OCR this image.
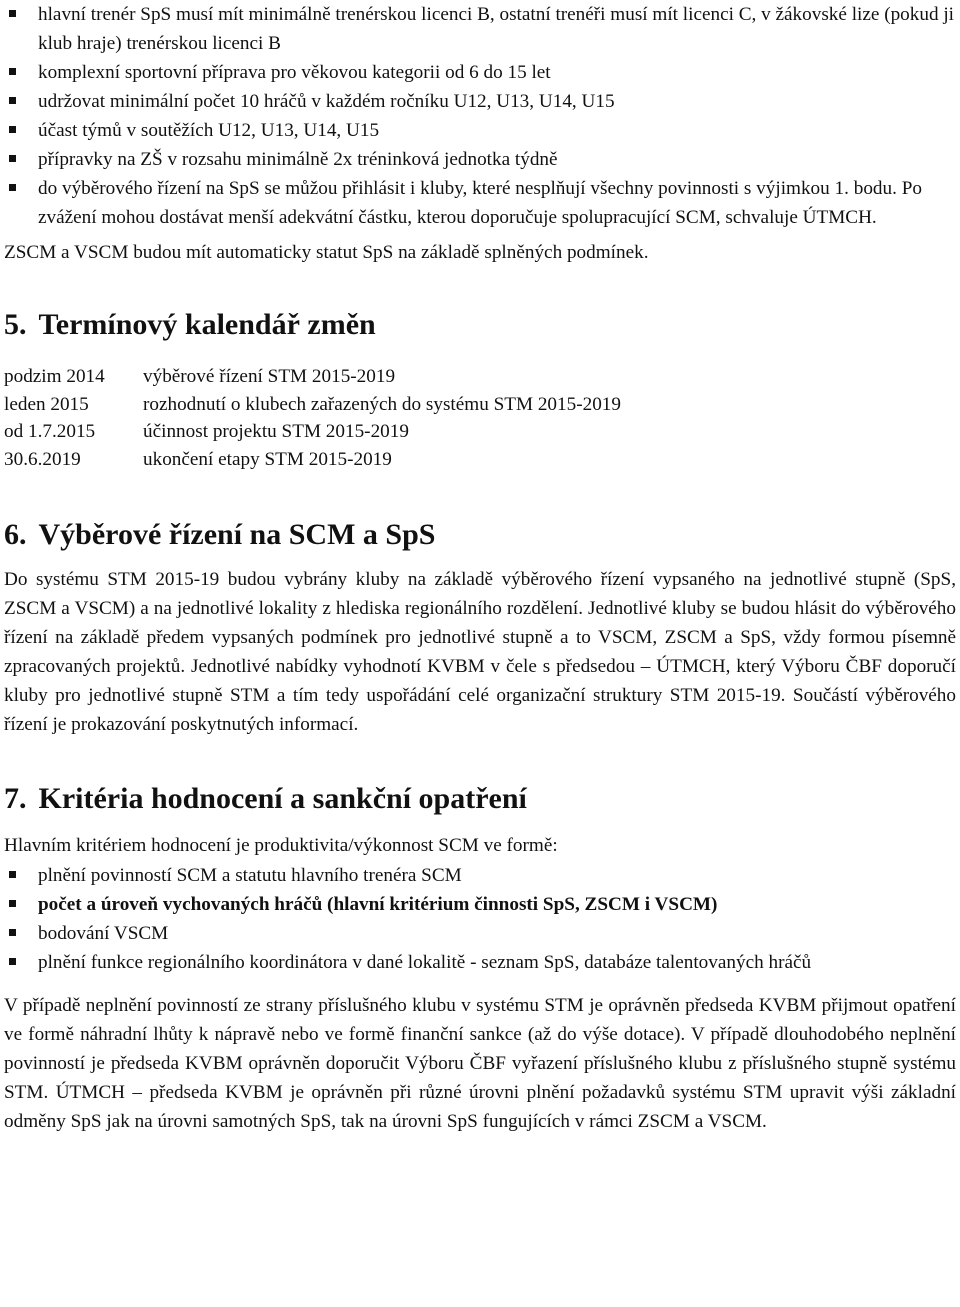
hlavní trenér SpS musí mít minimálně trenérskou licenci B, ostatní trenéři musí mít licenci C, v žákovské lize (pokud ji klub hraje) trenérskou licenci B
komplexní sportovní příprava pro věkovou kategorii od 6 do 15 let
udržovat minimální počet 10 hráčů v každém ročníku U12, U13, U14, U15
účast týmů v soutěžích U12, U13, U14, U15
přípravky na ZŠ v rozsahu minimálně 2x tréninková jednotka týdně
do výběrového řízení na SpS se můžou přihlásit i kluby, které nesplňují všechny povinnosti s výjimkou 1. bodu. Po zvážení mohou dostávat menší adekvátní částku, kterou doporučuje spolupracující SCM, schvaluje ÚTMCH.

ZSCM a VSCM budou mít automaticky statut SpS na základě splněných podmínek.

5. Termínový kalendář změn
podzim 2014	výběrové řízení STM 2015-2019
leden 2015	rozhodnutí o klubech zařazených do systému STM 2015-2019
od 1.7.2015	účinnost projektu STM 2015-2019
30.6.2019	ukončení etapy STM 2015-2019
6. Výběrové řízení na SCM a SpS

Do systému STM 2015-19 budou vybrány kluby na základě výběrového řízení vypsaného na jednotlivé stupně (SpS, ZSCM a VSCM) a na jednotlivé lokality z hlediska regionálního rozdělení. Jednotlivé kluby se budou hlásit do výběrového řízení na základě předem vypsaných podmínek pro jednotlivé stupně a to VSCM, ZSCM a SpS, vždy formou písemně zpracovaných projektů. Jednotlivé nabídky vyhodnotí KVBM v čele s předsedou – ÚTMCH, který Výboru ČBF doporučí kluby pro jednotlivé stupně STM a tím tedy uspořádání celé organizační struktury STM 2015-19. Součástí výběrového řízení je prokazování poskytnutých informací.

7. Kritéria hodnocení a sankční opatření

Hlavním kritériem hodnocení je produktivita/výkonnost SCM ve formě:

plnění povinností SCM a statutu hlavního trenéra SCM
počet a úroveň vychovaných hráčů (hlavní kritérium činnosti SpS, ZSCM i VSCM)
bodování VSCM
plnění funkce regionálního koordinátora v dané lokalitě - seznam SpS, databáze talentovaných hráčů

V případě neplnění povinností ze strany příslušného klubu v systému STM je oprávněn předseda KVBM přijmout opatření ve formě náhradní lhůty k nápravě nebo ve formě finanční sankce (až do výše dotace). V případě dlouhodobého neplnění povinností je předseda KVBM oprávněn doporučit Výboru ČBF vyřazení příslušného klubu z příslušného stupně systému STM. ÚTMCH – předseda KVBM je oprávněn při různé úrovni plnění požadavků systému STM upravit výši základní odměny SpS jak na úrovni samotných SpS, tak na úrovni SpS fungujících v rámci ZSCM a VSCM.
